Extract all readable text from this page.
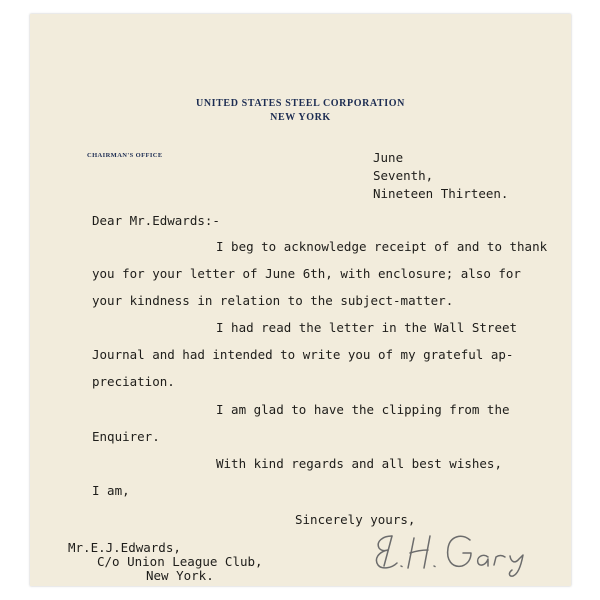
UNITED STATES STEEL CORPORATION
NEW YORK
CHAIRMAN'S OFFICE	June
Seventh,
Nineteen Thirteen.
Dear Mr.Edwards:-
I beg to acknowledge receipt of and to thank
you for your letter of June 6th, with enclosure; also for
your kindness in relation to the subject-matter.
I had read the letter in the Wall Street
Journal and had intended to write you of my grateful ap-
preciation.
I am glad to have the clipping from the
Enquirer.
With kind regards and all best wishes,
I am,
Sincerely yours,
Mr.E.J.Edwards,
C/o Union League Club,
New York.
